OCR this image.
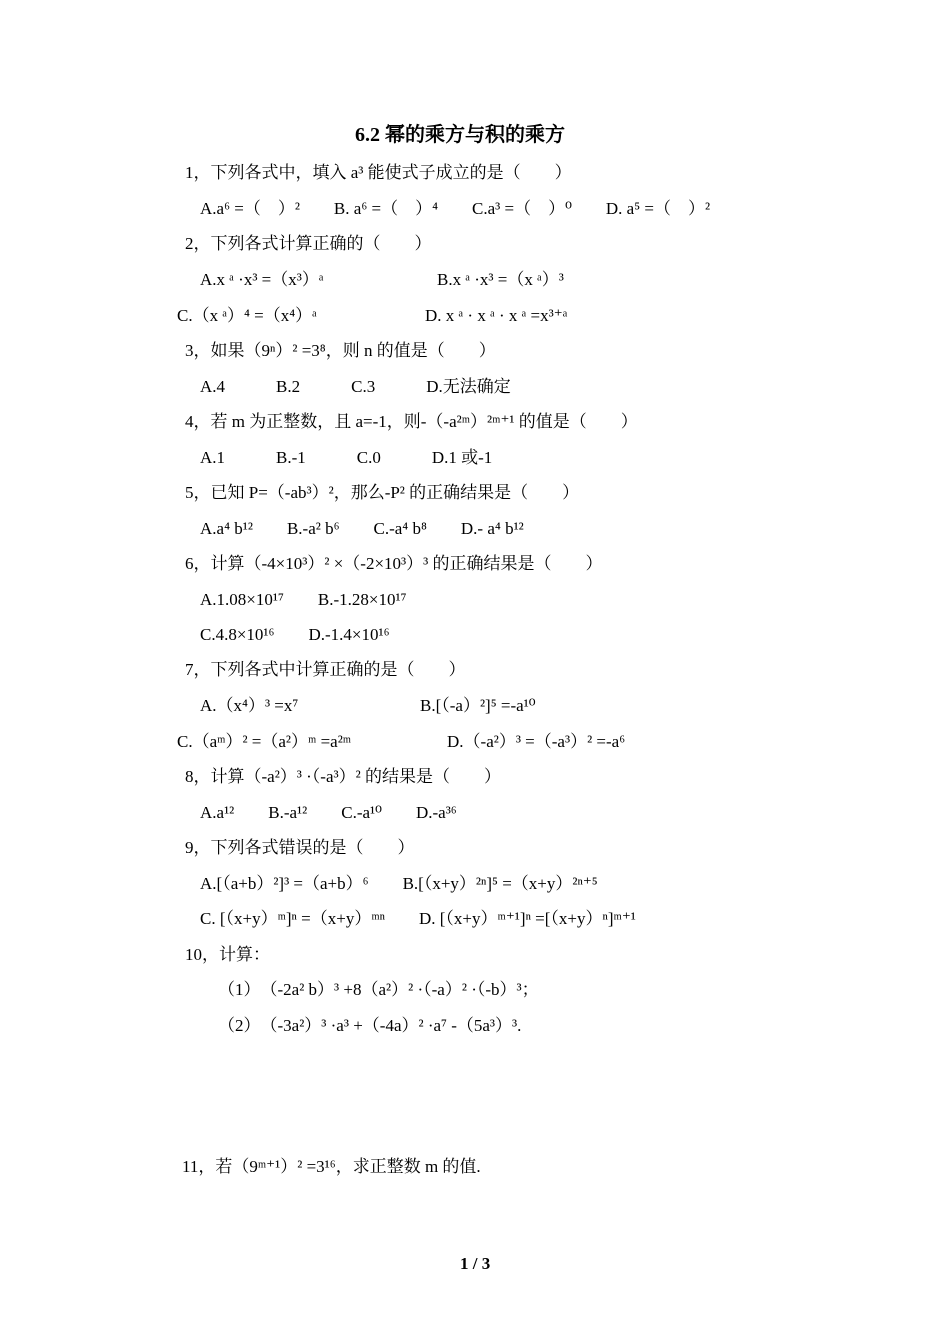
6.2 幂的乘方与积的乘方
1，下列各式中，填入 a³ 能使式子成立的是（　　）
A.a⁶ =（　）²　　B. a⁶ =（　）⁴　　C.a³ =（　）⁰　　D. a⁵ =（　）²
2，下列各式计算正确的（　　）
A.x ᵃ ·x³ =（x³）ᵃ	B.x ᵃ ·x³ =（x ᵃ）³
C.（x ᵃ）⁴ =（x⁴）ᵃ	D. x ᵃ · x ᵃ · x ᵃ =x³⁺ᵃ
3，如果（9ⁿ）² =3⁸，则 n 的值是（　　）
A.4　　　B.2　　　C.3　　　D.无法确定
4，若 m 为正整数，且 a=-1，则-（-a²ᵐ）²ᵐ⁺¹ 的值是（　　）
A.1　　　B.-1　　　C.0　　　D.1 或-1
5，已知 P=（-ab³）²，那么-P² 的正确结果是（　　）
A.a⁴ b¹²　　B.-a² b⁶　　C.-a⁴ b⁸　　D.- a⁴ b¹²
6，计算（-4×10³）² ×（-2×10³）³ 的正确结果是（　　）
A.1.08×10¹⁷　　B.-1.28×10¹⁷
C.4.8×10¹⁶　　D.-1.4×10¹⁶
7，下列各式中计算正确的是（　　）
A.（x⁴）³ =x⁷	B.[（-a）²]⁵ =-a¹⁰
C.（aᵐ）² =（a²）ᵐ =a²ᵐ	D.（-a²）³ =（-a³）² =-a⁶
8，计算（-a²）³ ·（-a³）² 的结果是（　　）
A.a¹²　　B.-a¹²　　C.-a¹⁰　　D.-a³⁶
9，下列各式错误的是（　　）
A.[（a+b）²]³ =（a+b）⁶　　B.[（x+y）²ⁿ]⁵ =（x+y）²ⁿ⁺⁵
C. [（x+y）ᵐ]ⁿ =（x+y）ᵐⁿ　　D. [（x+y）ᵐ⁺¹]ⁿ =[（x+y）ⁿ]ᵐ⁺¹
10，计算：
（1）　（-2a² b）³ +8（a²）² ·（-a）² ·（-b）³；
（2）　（-3a²）³ ·a³ +（-4a）² ·a⁷ -（5a³）³.
11，若（9ᵐ⁺¹）² =3¹⁶，求正整数 m 的值.
1 / 3
